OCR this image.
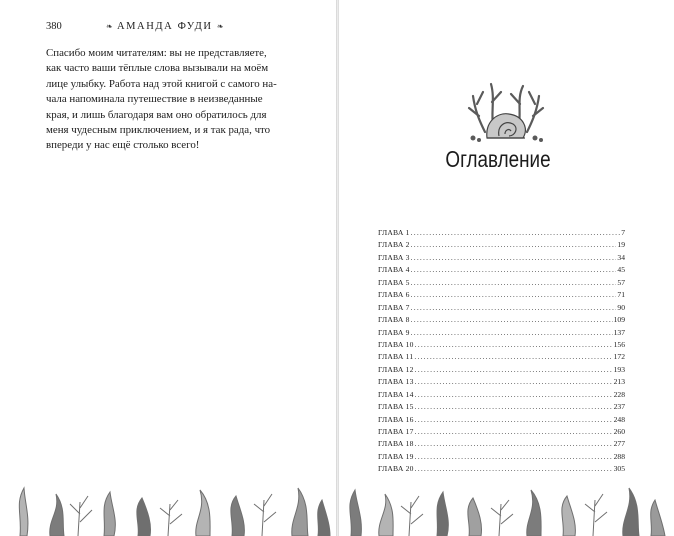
380	❧ АМАНДА ФУДИ ❧

Спасибо моим читателям: вы не представляете,
как часто ваши тёплые слова вызывали на моём
лице улыбку. Работа над этой книгой с самого на-
чала напоминала путешествие в неизведанные
края, и лишь благодаря вам оно обратилось для
меня чудесным приключением, и я так рада, что
впереди у нас ещё столько всего!

Оглавление
ГЛАВА 1 .....	7
ГЛАВА 2 .....	19
ГЛАВА 3 .....	34
ГЛАВА 4 .....	45
ГЛАВА 5 .....	57
ГЛАВА 6 .....	71
ГЛАВА 7 .....	90
ГЛАВА 8 .....	109
ГЛАВА 9 .....	137
ГЛАВА 10 .....	156
ГЛАВА 11 .....	172
ГЛАВА 12 .....	193
ГЛАВА 13 .....	213
ГЛАВА 14 .....	228
ГЛАВА 15 .....	237
ГЛАВА 16 .....	248
ГЛАВА 17 .....	260
ГЛАВА 18 .....	277
ГЛАВА 19 .....	288
ГЛАВА 20 .....	305
